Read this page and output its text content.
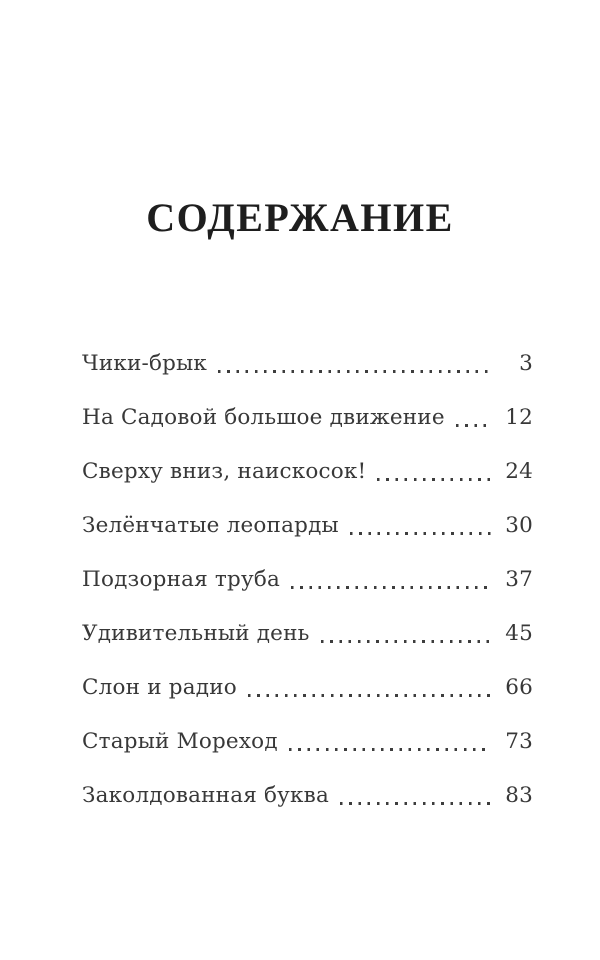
СОДЕРЖАНИЕ
Чики-брык	3
На Садовой большое движение	12
Сверху вниз, наискосок!	24
Зелёнчатые леопарды	30
Подзорная труба	37
Удивительный день	45
Слон и радио	66
Старый Мореход	73
Заколдованная буква	83
